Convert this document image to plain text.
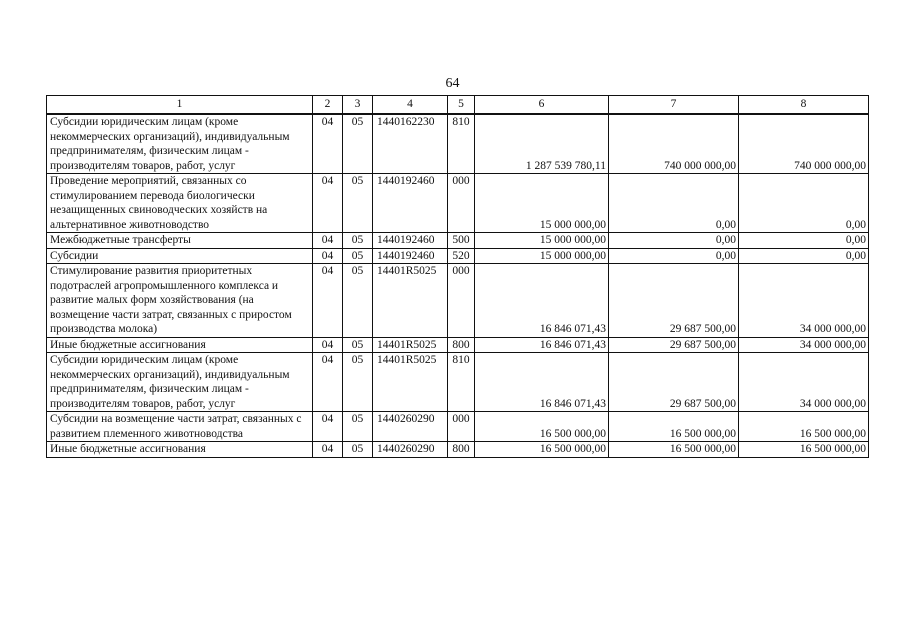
64
1	2	3	4	5	6	7	8
Субсидии юридическим лицам (кроме некоммерческих организаций), индивидуальным предпринимателям, физическим лицам - производителям товаров, работ, услуг	04	05	1440162230	810	1 287 539 780,11	740 000 000,00	740 000 000,00
Проведение мероприятий, связанных со стимулированием перевода биологически незащищенных свиноводческих хозяйств на альтернативное животноводство	04	05	1440192460	000	15 000 000,00	0,00	0,00
Межбюджетные трансферты	04	05	1440192460	500	15 000 000,00	0,00	0,00
Субсидии	04	05	1440192460	520	15 000 000,00	0,00	0,00
Стимулирование развития приоритетных подотраслей агропромышленного комплекса и развитие малых форм хозяйствования (на возмещение части затрат, связанных с приростом производства молока)	04	05	14401R5025	000	16 846 071,43	29 687 500,00	34 000 000,00
Иные бюджетные ассигнования	04	05	14401R5025	800	16 846 071,43	29 687 500,00	34 000 000,00
Субсидии юридическим лицам (кроме некоммерческих организаций), индивидуальным предпринимателям, физическим лицам - производителям товаров, работ, услуг	04	05	14401R5025	810	16 846 071,43	29 687 500,00	34 000 000,00
Субсидии на возмещение части затрат, связанных с развитием племенного животноводства	04	05	1440260290	000	16 500 000,00	16 500 000,00	16 500 000,00
Иные бюджетные ассигнования	04	05	1440260290	800	16 500 000,00	16 500 000,00	16 500 000,00
